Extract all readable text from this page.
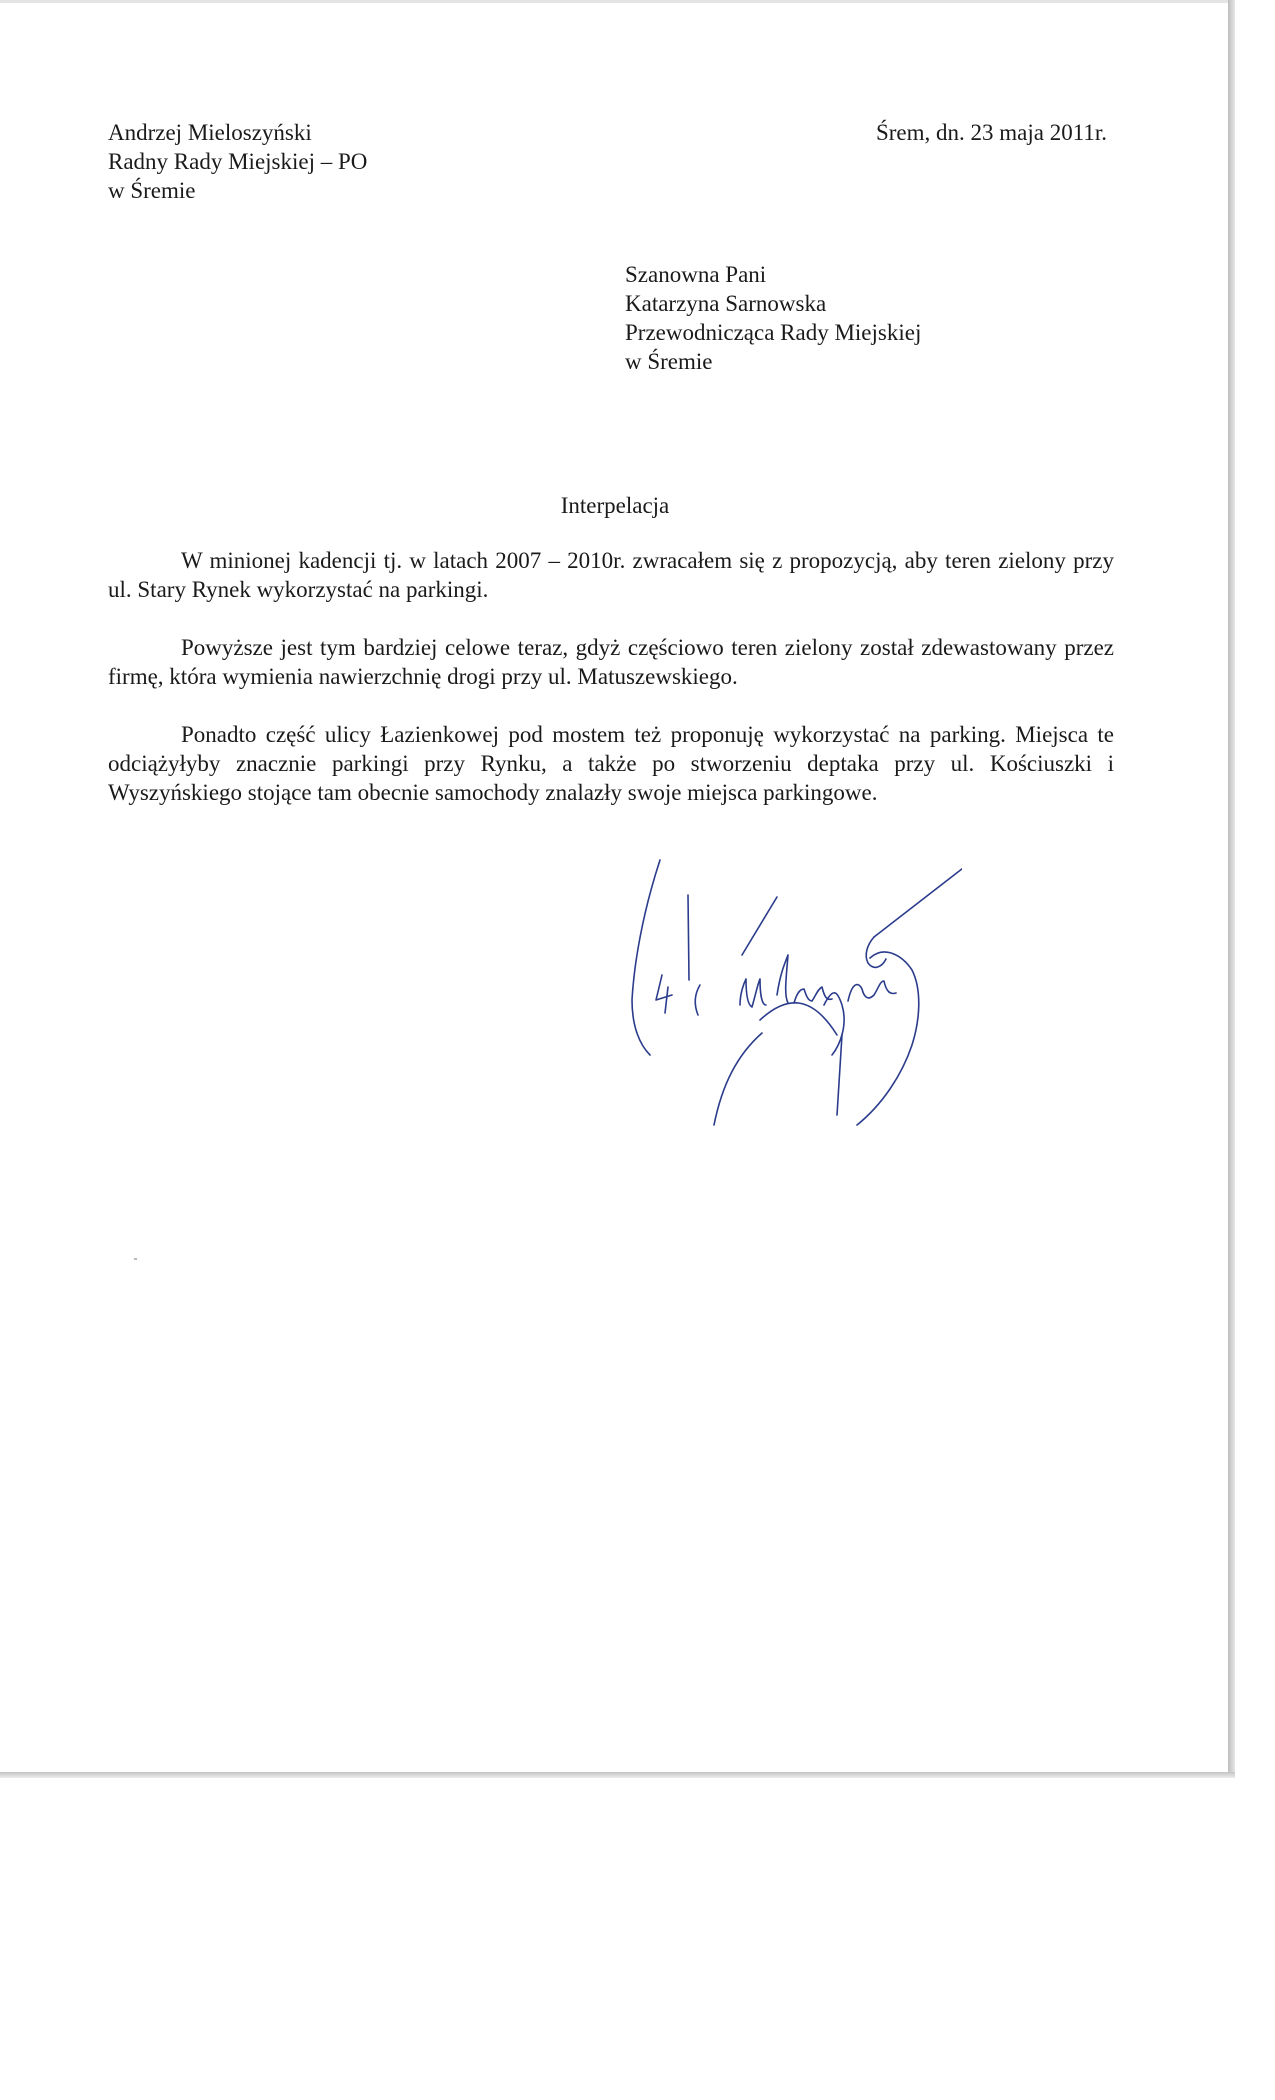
Andrzej Mieloszyński
Radny Rady Miejskiej – PO
w Śremie
Śrem, dn. 23 maja 2011r.
Szanowna Pani
Katarzyna Sarnowska
Przewodnicząca Rady Miejskiej
w Śremie
Interpelacja

W minionej kadencji tj. w latach 2007 – 2010r. zwracałem się z propozycją, aby teren zielony przy ul. Stary Rynek wykorzystać na parkingi.

Powyższe jest tym bardziej celowe teraz, gdyż częściowo teren zielony został zdewastowany przez firmę, która wymienia nawierzchnię drogi przy ul. Matuszewskiego.

Ponadto część ulicy Łazienkowej pod mostem też proponuję wykorzystać na parking. Miejsca te odciążyłyby znacznie parkingi przy Rynku, a także po stworzeniu deptaka przy ul. Kościuszki i Wyszyńskiego stojące tam obecnie samochody znalazły swoje miejsca parkingowe.
